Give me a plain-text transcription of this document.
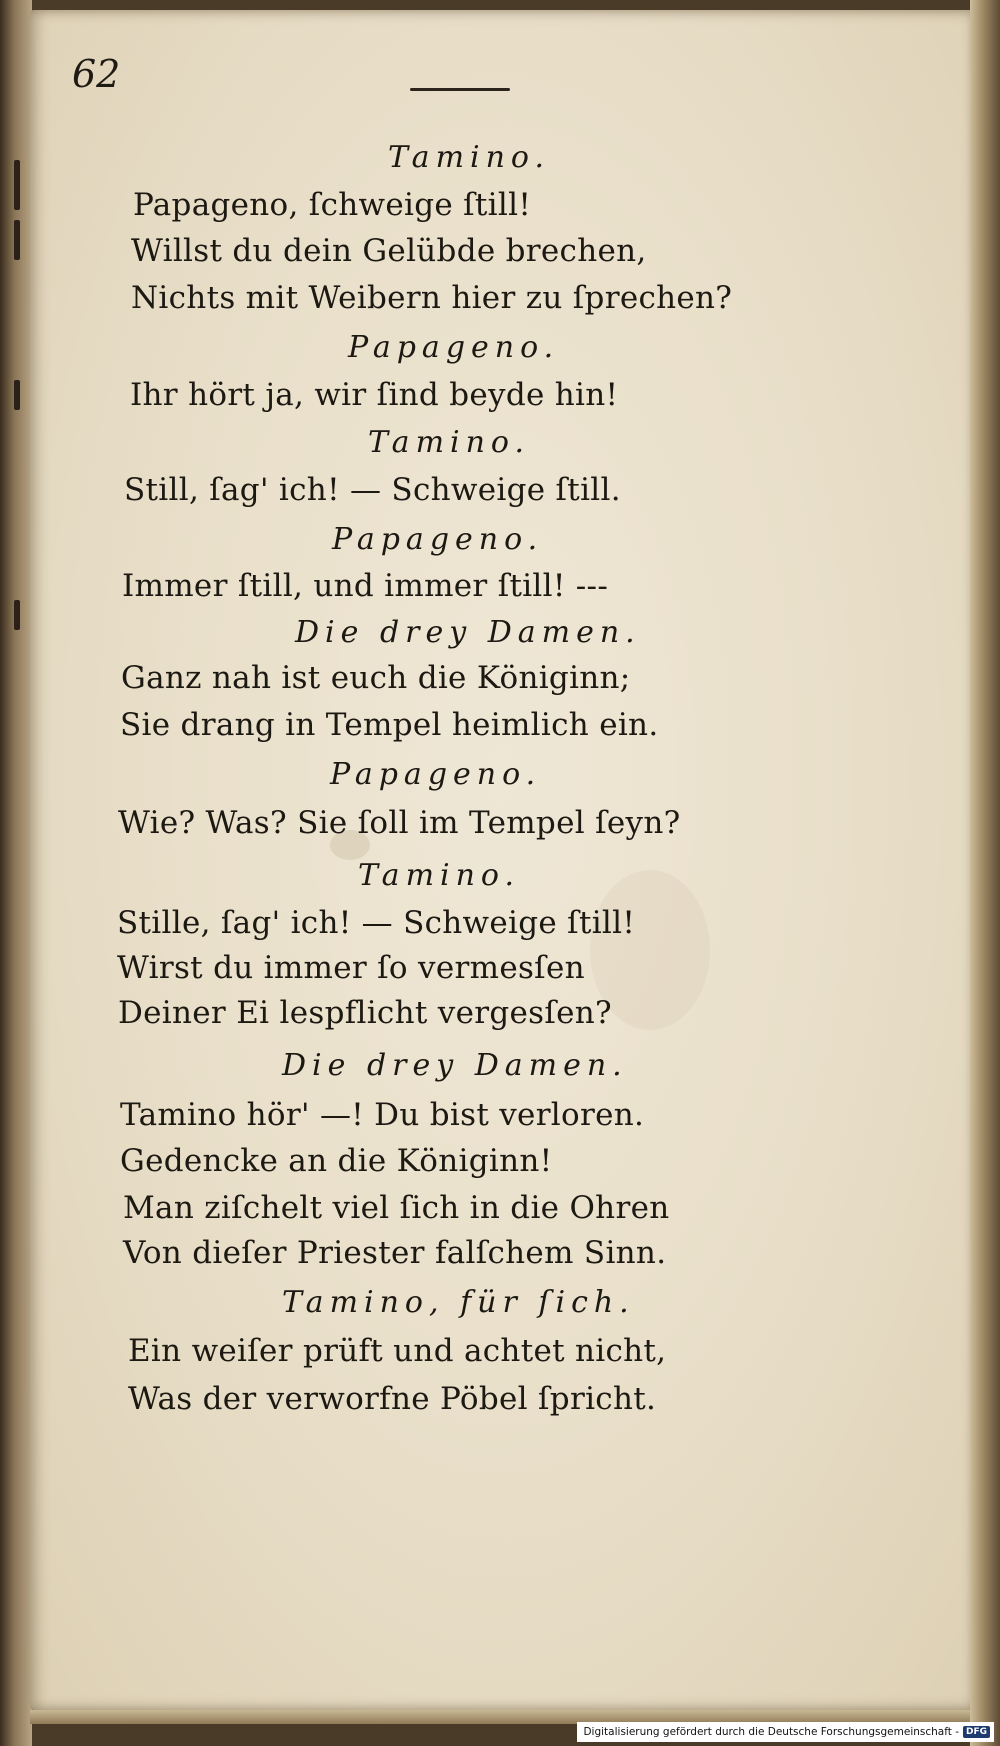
62
Tamino.
Papageno, ſchweige ſtill!
Willst du dein Gelübde brechen,
Nichts mit Weibern hier zu ſprechen?
Papageno.
Ihr hört ja, wir ſind beyde hin!
Tamino.
Still, ſag' ich! — Schweige ſtill.
Papageno.
Immer ſtill, und immer ſtill! ---
Die drey Damen.
Ganz nah ist euch die Königinn;
Sie drang in Tempel heimlich ein.
Papageno.
Wie? Was? Sie ſoll im Tempel ſeyn?
Tamino.
Stille, ſag' ich! — Schweige ſtill!
Wirst du immer ſo vermesſen
Deiner Ei lespflicht vergesſen?
Die drey Damen.
Tamino hör' —! Du bist verloren.
Gedencke an die Königinn!
Man ziſchelt viel ſich in die Ohren
Von dieſer Priester falſchem Sinn.
Tamino, für ſich.
Ein weiſer prüft und achtet nicht,
Was der verworfne Pöbel ſpricht.
Digitalisierung gefördert durch die Deutsche Forschungsgemeinschaft - DFG
